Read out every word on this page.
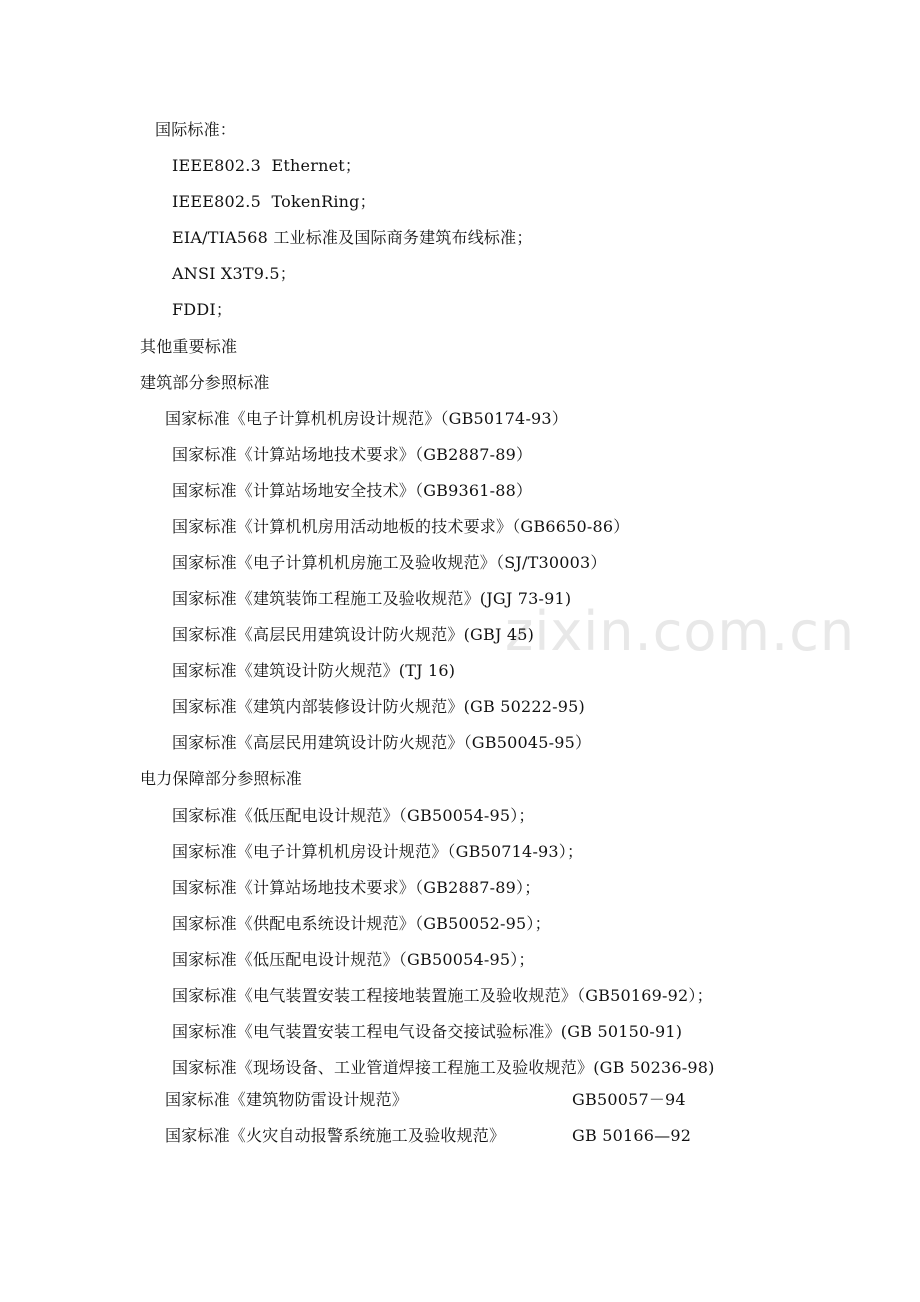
zixin.com.cn
国际标准：
IEEE802.3  Ethernet；
IEEE802.5  TokenRing；
EIA/TIA568 工业标准及国际商务建筑布线标准；
ANSI X3T9.5；
FDDI；
其他重要标准
建筑部分参照标准
国家标准《电子计算机机房设计规范》（GB50174-93）
国家标准《计算站场地技术要求》（GB2887-89）
国家标准《计算站场地安全技术》（GB9361-88）
国家标准《计算机机房用活动地板的技术要求》（GB6650-86）
国家标准《电子计算机机房施工及验收规范》（SJ/T30003）
国家标准《建筑装饰工程施工及验收规范》(JGJ 73-91)
国家标准《高层民用建筑设计防火规范》(GBJ 45)
国家标准《建筑设计防火规范》(TJ 16)
国家标准《建筑内部装修设计防火规范》(GB 50222-95)
国家标准《高层民用建筑设计防火规范》（GB50045-95）
电力保障部分参照标准
国家标准《低压配电设计规范》（GB50054-95）；
国家标准《电子计算机机房设计规范》（GB50714-93）；
国家标准《计算站场地技术要求》（GB2887-89）；
国家标准《供配电系统设计规范》（GB50052-95）；
国家标准《低压配电设计规范》（GB50054-95）；
国家标准《电气装置安装工程接地装置施工及验收规范》（GB50169-92）；
国家标准《电气装置安装工程电气设备交接试验标准》(GB 50150-91)
国家标准《现场设备、工业管道焊接工程施工及验收规范》(GB 50236-98)
国家标准《建筑物防雷设计规范》	GB50057－94
国家标准《火灾自动报警系统施工及验收规范》	GB 50166—92
